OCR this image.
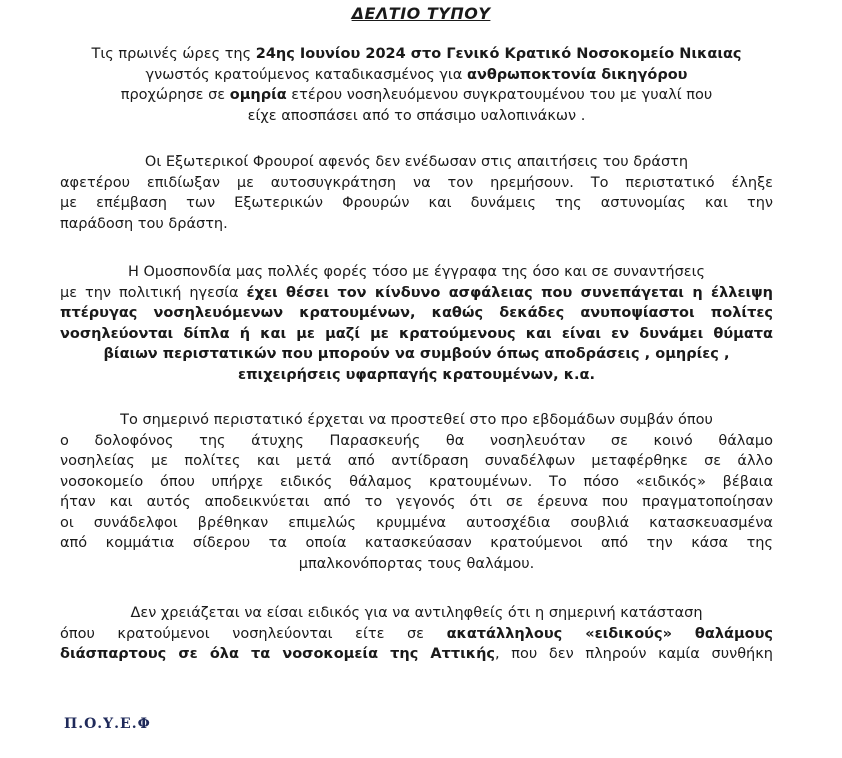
ΔΕΛΤΙΟ ΤΥΠΟΥ
Τις πρωινές ώρες της 24ης Ιουνίου 2024 στο Γενικό Κρατικό Νοσοκομείο Νικαιας
γνωστός κρατούμενος καταδικασμένος για ανθρωποκτονία δικηγόρου
προχώρησε σε ομηρία ετέρου νοσηλευόμενου συγκρατουμένου του με γυαλί που
είχε αποσπάσει από το σπάσιμο υαλοπινάκων .
Οι Εξωτερικοί Φρουροί αφενός δεν ενέδωσαν στις απαιτήσεις του δράστη
αφετέρου επιδίωξαν με αυτοσυγκράτηση να τον ηρεμήσουν. Το περιστατικό έληξε
με επέμβαση των Εξωτερικών Φρουρών και δυνάμεις της αστυνομίας και την
παράδοση του δράστη.
Η Ομοσπονδία μας πολλές φορές τόσο με έγγραφα της όσο και σε συναντήσεις
με την πολιτική ηγεσία έχει θέσει τον κίνδυνο ασφάλειας που συνεπάγεται η έλλειψη
πτέρυγας νοσηλευόμενων κρατουμένων, καθώς δεκάδες ανυποψίαστοι πολίτες
νοσηλεύονται δίπλα ή και με μαζί με κρατούμενους και είναι εν δυνάμει θύματα
βίαιων περιστατικών που μπορούν να συμβούν όπως αποδράσεις , ομηρίες ,
επιχειρήσεις υφαρπαγής κρατουμένων, κ.α.
Το σημερινό περιστατικό έρχεται να προστεθεί στο προ εβδομάδων συμβάν όπου
ο δολοφόνος της άτυχης Παρασκευής θα νοσηλευόταν σε κοινό θάλαμο
νοσηλείας με πολίτες και μετά από αντίδραση συναδέλφων μεταφέρθηκε σε άλλο
νοσοκομείο όπου υπήρχε ειδικός θάλαμος κρατουμένων. Το πόσο «ειδικός» βέβαια
ήταν και αυτός αποδεικνύεται από το γεγονός ότι σε έρευνα που πραγματοποίησαν
οι συνάδελφοι βρέθηκαν επιμελώς κρυμμένα αυτοσχέδια σουβλιά κατασκευασμένα
από κομμάτια σίδερου τα οποία κατασκεύασαν κρατούμενοι από την κάσα της
μπαλκονόπορτας τους θαλάμου.
Δεν χρειάζεται να είσαι ειδικός για να αντιληφθείς ότι η σημερινή κατάσταση
όπου κρατούμενοι νοσηλεύονται είτε σε ακατάλληλους «ειδικούς» θαλάμους
διάσπαρτους σε όλα τα νοσοκομεία της Αττικής, που δεν πληρούν καμία συνθήκη
Π.Ο.Υ.Ε.Φ
